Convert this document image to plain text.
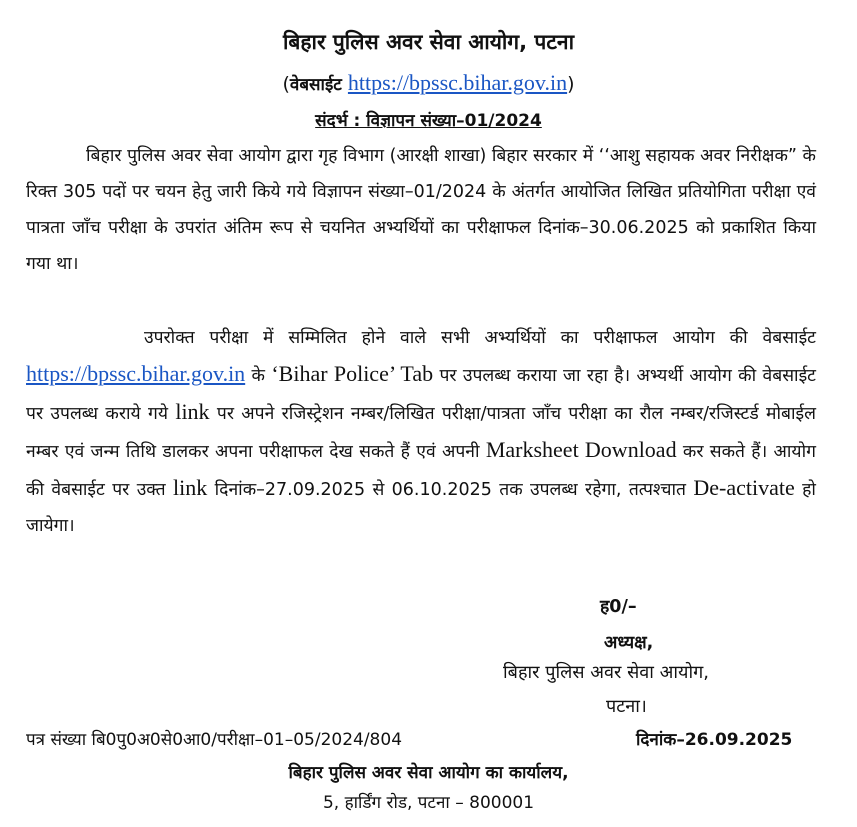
बिहार पुलिस अवर सेवा आयोग, पटना
(वेबसाईट https://bpssc.bihar.gov.in)
संदर्भ : विज्ञापन संख्या–01/2024
बिहार पुलिस अवर सेवा आयोग द्वारा गृह विभाग (आरक्षी शाखा) बिहार सरकार में ‘‘आशु सहायक अवर निरीक्षक” के रिक्त 305 पदों पर चयन हेतु जारी किये गये विज्ञापन संख्या–01/2024 के अंतर्गत आयोजित लिखित प्रतियोगिता परीक्षा एवं पात्रता जाँच परीक्षा के उपरांत अंतिम रूप से चयनित अभ्यर्थियों का परीक्षाफल दिनांक–30.06.2025 को प्रकाशित किया गया था।
उपरोक्त परीक्षा में सम्मिलित होने वाले सभी अभ्यर्थियों का परीक्षाफल आयोग की वेबसाईट https://bpssc.bihar.gov.in के ‘Bihar Police’ Tab पर उपलब्ध कराया जा रहा है। अभ्यर्थी आयोग की वेबसाईट पर उपलब्ध कराये गये link पर अपने रजिस्ट्रेशन नम्बर/लिखित परीक्षा/पात्रता जाँच परीक्षा का रौल नम्बर/रजिस्टर्ड मोबाईल नम्बर एवं जन्म तिथि डालकर अपना परीक्षाफल देख सकते हैं एवं अपनी Marksheet Download कर सकते हैं। आयोग की वेबसाईट पर उक्त link दिनांक–27.09.2025 से 06.10.2025 तक उपलब्ध रहेगा, तत्पश्चात De-activate हो जायेगा।
ह0/–
अध्यक्ष,
बिहार पुलिस अवर सेवा आयोग,
पटना।
पत्र संख्या बि0पु0अ0से0आ0/परीक्षा–01–05/2024/804	दिनांक–26.09.2025
बिहार पुलिस अवर सेवा आयोग का कार्यालय,
5, हार्डिंग रोड, पटना – 800001
